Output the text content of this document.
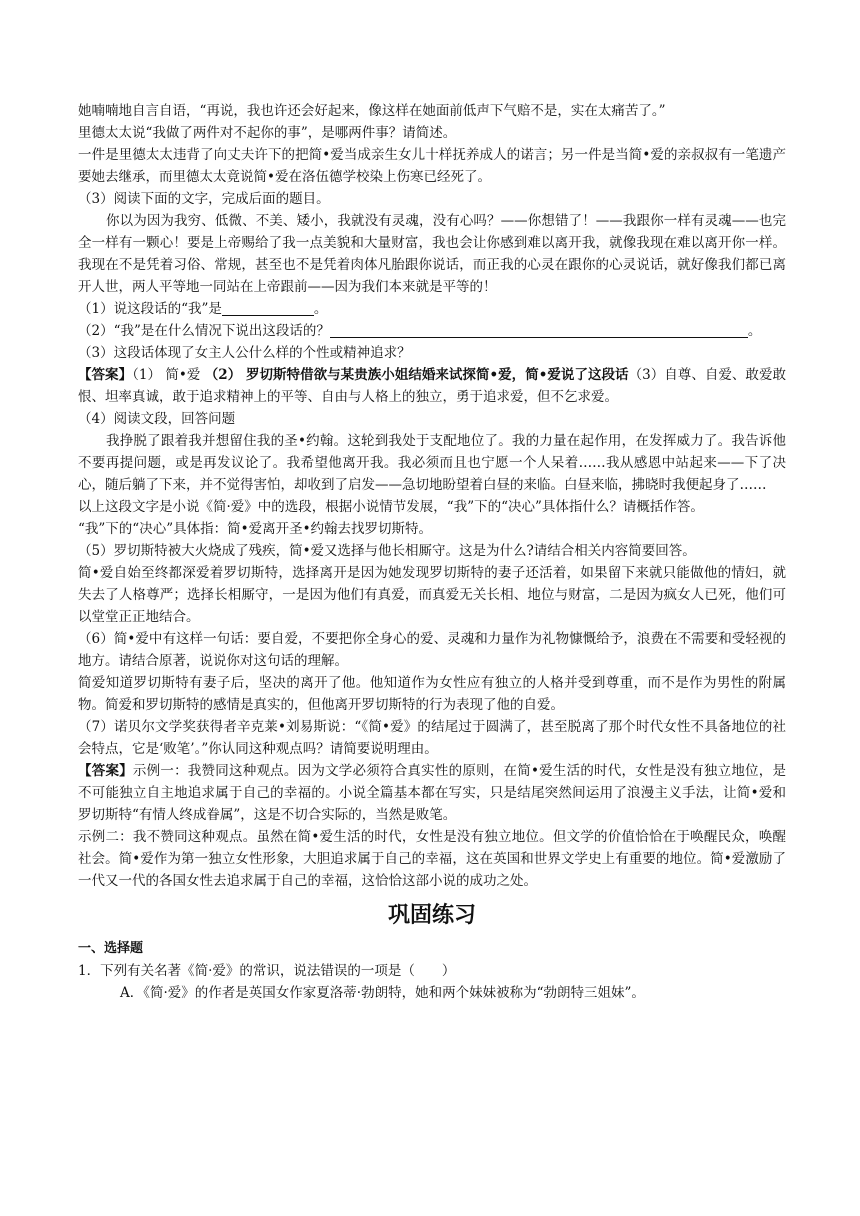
她喃喃地自言自语，“再说，我也许还会好起来，像这样在她面前低声下气赔不是，实在太痛苦了。”

里德太太说“我做了两件对不起你的事”，是哪两件事？请简述。

一件是里德太太违背了向丈夫许下的把简•爱当成亲生女儿十样抚养成人的诺言；另一件是当简•爱的亲叔叔有一笔遗产要她去继承，而里德太太竟说简•爱在洛伍德学校染上伤寒已经死了。

（3）阅读下面的文字，完成后面的题目。

你以为因为我穷、低微、不美、矮小，我就没有灵魂，没有心吗？——你想错了！——我跟你一样有灵魂——也完全一样有一颗心！要是上帝赐给了我一点美貌和大量财富，我也会让你感到难以离开我，就像我现在难以离开你一样。我现在不是凭着习俗、常规，甚至也不是凭着肉体凡胎跟你说话，而正我的心灵在跟你的心灵说话，就好像我们都已离开人世，两人平等地一同站在上帝跟前——因为我们本来就是平等的！

（1）说这段话的“我”是	。

（2）“我”是在什么情况下说出这段话的？	。

（3）这段话体现了女主人公什么样的个性或精神追求？

【答案】（1） 简•爱 （2） 罗切斯特借欲与某贵族小姐结婚来试探简•爱，简•爱说了这段话（3）自尊、自爱、敢爱敢恨、坦率真诚，敢于追求精神上的平等、自由与人格上的独立，勇于追求爱，但不乞求爱。

（4）阅读文段，回答问题

我挣脱了跟着我并想留住我的圣•约翰。这轮到我处于支配地位了。我的力量在起作用，在发挥威力了。我告诉他不要再提问题，或是再发议论了。我希望他离开我。我必须而且也宁愿一个人呆着……我从感恩中站起来——下了决心，随后躺了下来，并不觉得害怕，却收到了启发——急切地盼望着白昼的来临。白昼来临，拂晓时我便起身了……

以上这段文字是小说《简·爱》中的选段，根据小说情节发展，“我”下的“决心”具体指什么？请概括作答。

“我”下的“决心”具体指：简•爱离开圣•约翰去找罗切斯特。

（5）罗切斯特被大火烧成了残疾，简•爱又选择与他长相厮守。这是为什么?请结合相关内容简要回答。

简•爱自始至终都深爱着罗切斯特，选择离开是因为她发现罗切斯特的妻子还活着，如果留下来就只能做他的情妇，就失去了人格尊严；选择长相厮守，一是因为他们有真爱，而真爱无关长相、地位与财富，二是因为疯女人已死，他们可以堂堂正正地结合。

（6）简•爱中有这样一句话：要自爱，不要把你全身心的爱、灵魂和力量作为礼物慷慨给予，浪费在不需要和受轻视的地方。请结合原著，说说你对这句话的理解。

简爱知道罗切斯特有妻子后，坚决的离开了他。他知道作为女性应有独立的人格并受到尊重，而不是作为男性的附属物。简爱和罗切斯特的感情是真实的，但他离开罗切斯特的行为表现了他的自爱。

（7）诺贝尔文学奖获得者辛克莱•刘易斯说：“《简•爱》的结尾过于圆满了，甚至脱离了那个时代女性不具备地位的社会特点，它是‘败笔’。”你认同这种观点吗？请简要说明理由。

【答案】示例一：我赞同这种观点。因为文学必须符合真实性的原则，在简•爱生活的时代，女性是没有独立地位，是不可能独立自主地追求属于自己的幸福的。小说全篇基本都在写实，只是结尾突然间运用了浪漫主义手法，让简•爱和罗切斯特“有情人终成眷属”，这是不切合实际的，当然是败笔。

示例二：我不赞同这种观点。虽然在简•爱生活的时代，女性是没有独立地位。但文学的价值恰恰在于唤醒民众，唤醒社会。简•爱作为第一独立女性形象，大胆追求属于自己的幸福，这在英国和世界文学史上有重要的地位。简•爱激励了一代又一代的各国女性去追求属于自己的幸福，这恰恰这部小说的成功之处。

巩固练习

一、选择题

1．下列有关名著《简·爱》的常识，说法错误的一项是（　　）

A．《简·爱》的作者是英国女作家夏洛蒂·勃朗特，她和两个妹妹被称为“勃朗特三姐妹”。
